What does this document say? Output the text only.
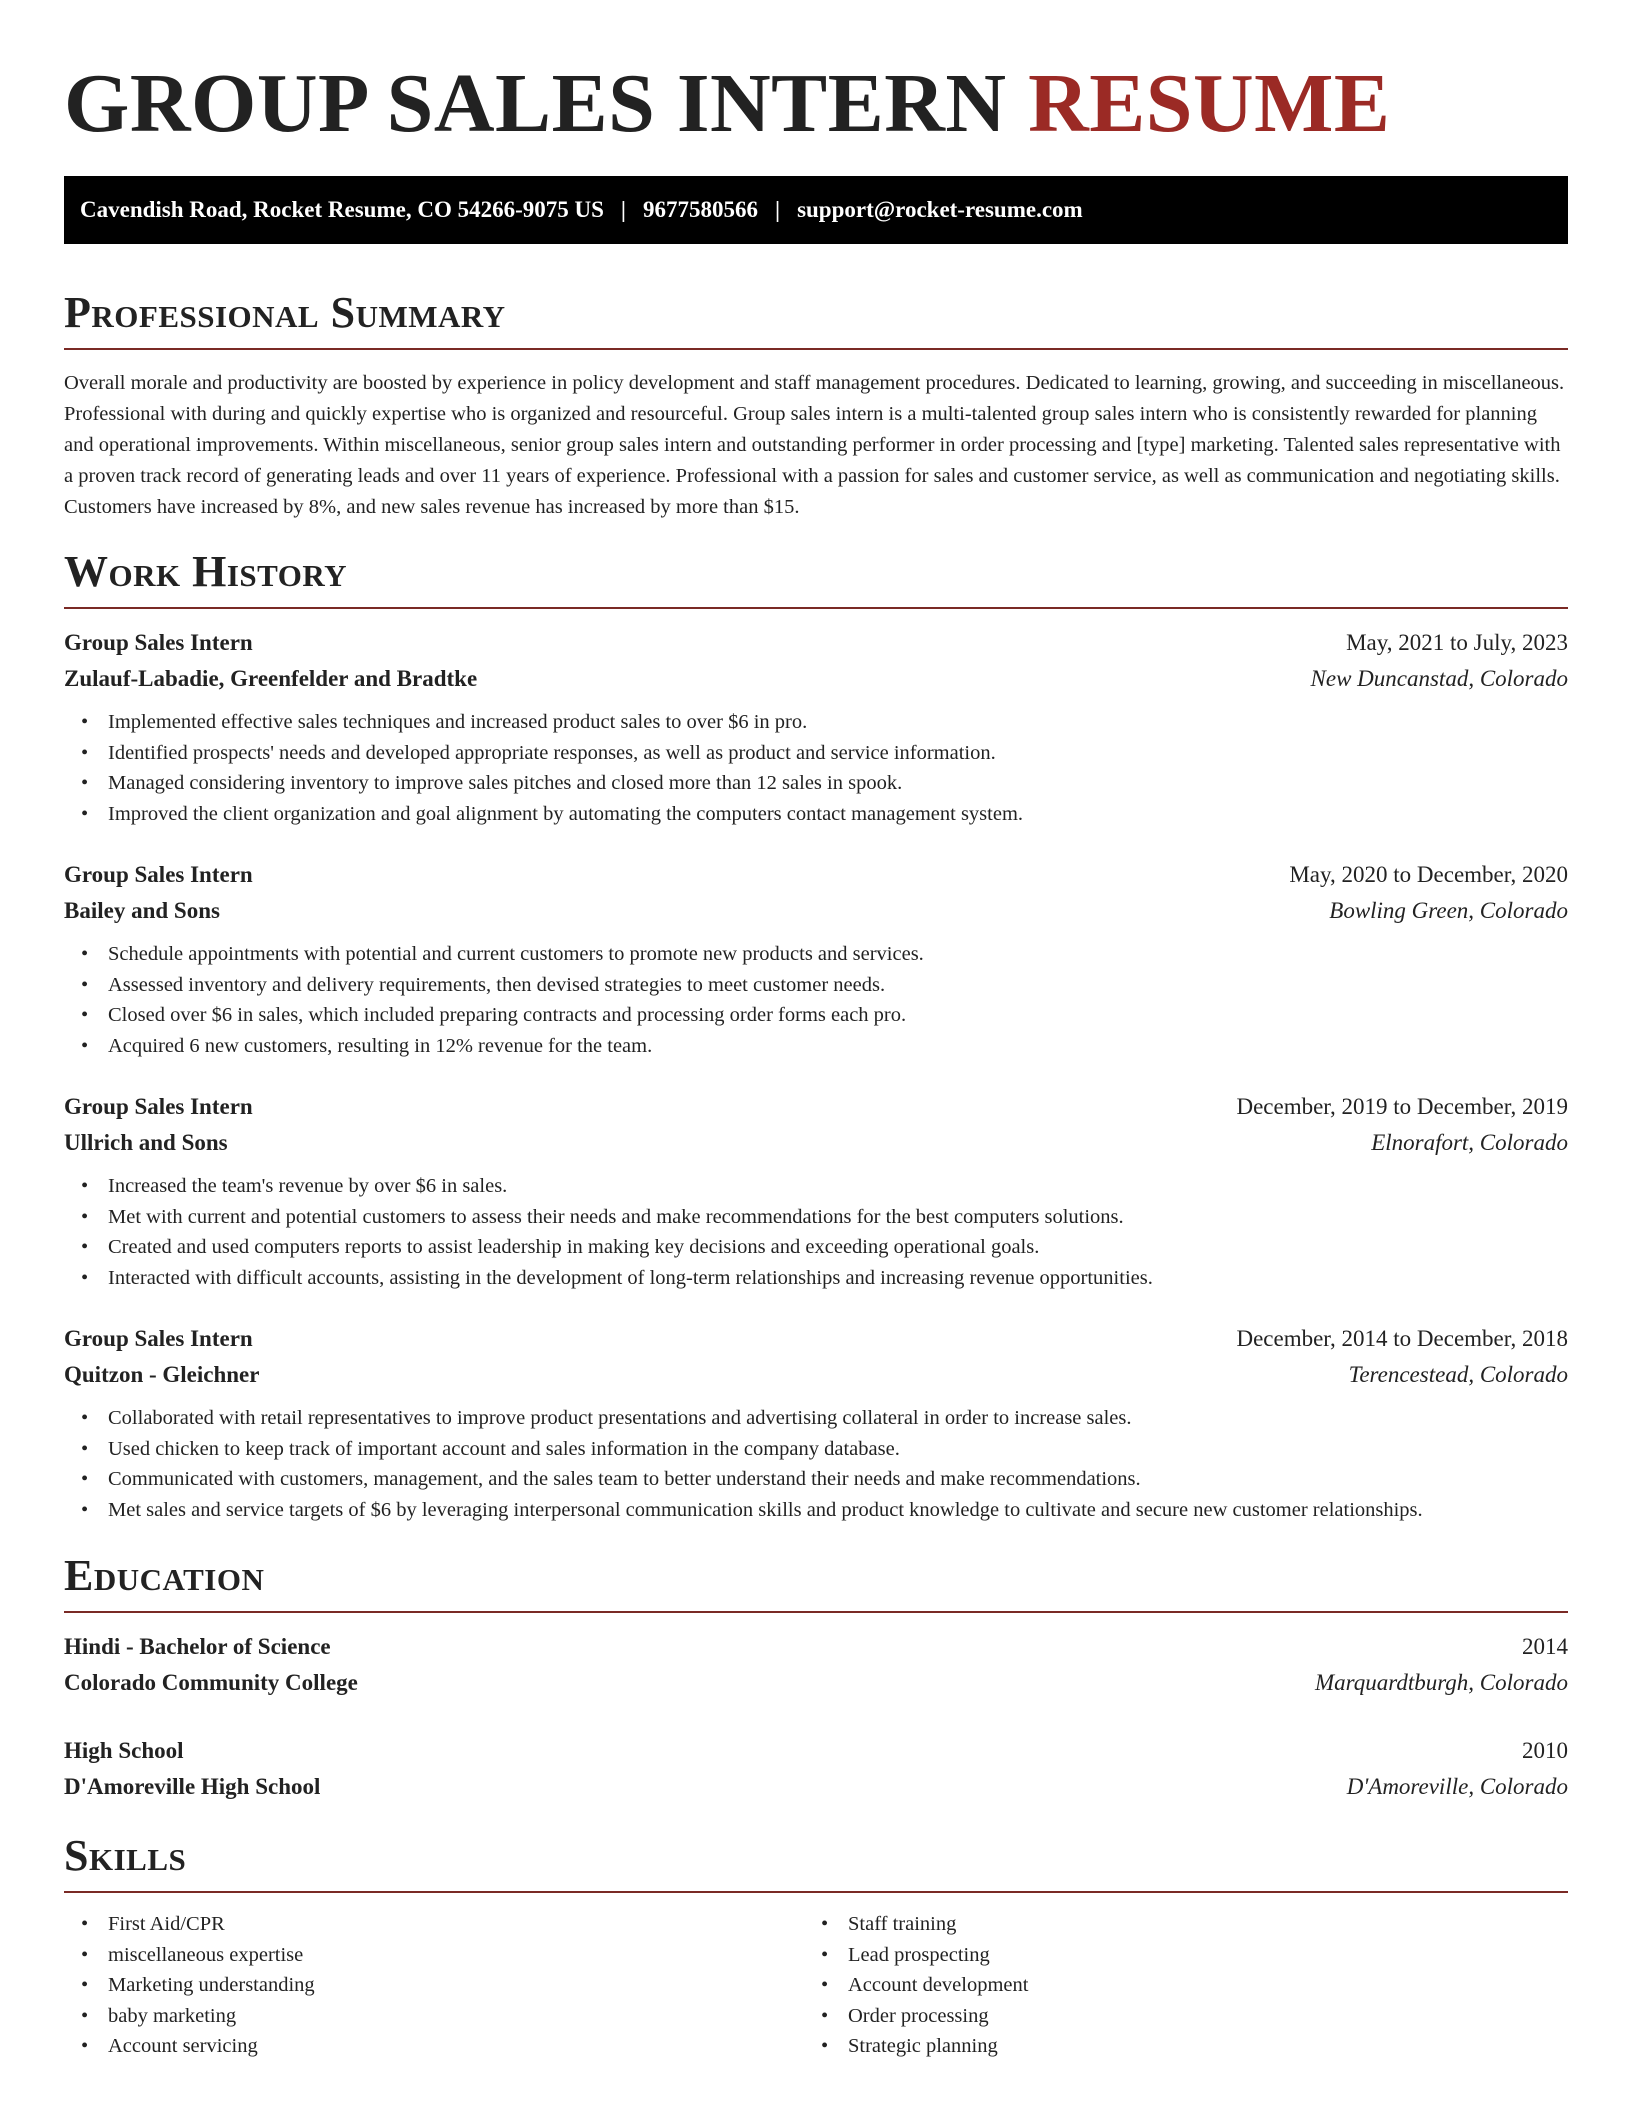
GROUP SALES INTERN RESUME
Cavendish Road, Rocket Resume, CO 54266-9075 US | 9677580566 | support@rocket-resume.com
Professional Summary

Overall morale and productivity are boosted by experience in policy development and staff management procedures. Dedicated to learning, growing, and succeeding in miscellaneous. Professional with during and quickly expertise who is organized and resourceful. Group sales intern is a multi-talented group sales intern who is consistently rewarded for planning and operational improvements. Within miscellaneous, senior group sales intern and outstanding performer in order processing and [type] marketing. Talented sales representative with a proven track record of generating leads and over 11 years of experience. Professional with a passion for sales and customer service, as well as communication and negotiating skills. Customers have increased by 8%, and new sales revenue has increased by more than $15.

Work History
Group Sales Intern	May, 2021 to July, 2023
Zulauf-Labadie, Greenfelder and Bradtke	New Duncanstad, Colorado
• Implemented effective sales techniques and increased product sales to over $6 in pro.
• Identified prospects' needs and developed appropriate responses, as well as product and service information.
• Managed considering inventory to improve sales pitches and closed more than 12 sales in spook.
• Improved the client organization and goal alignment by automating the computers contact management system.
Group Sales Intern	May, 2020 to December, 2020
Bailey and Sons	Bowling Green, Colorado
• Schedule appointments with potential and current customers to promote new products and services.
• Assessed inventory and delivery requirements, then devised strategies to meet customer needs.
• Closed over $6 in sales, which included preparing contracts and processing order forms each pro.
• Acquired 6 new customers, resulting in 12% revenue for the team.
Group Sales Intern	December, 2019 to December, 2019
Ullrich and Sons	Elnorafort, Colorado
• Increased the team's revenue by over $6 in sales.
• Met with current and potential customers to assess their needs and make recommendations for the best computers solutions.
• Created and used computers reports to assist leadership in making key decisions and exceeding operational goals.
• Interacted with difficult accounts, assisting in the development of long-term relationships and increasing revenue opportunities.
Group Sales Intern	December, 2014 to December, 2018
Quitzon - Gleichner	Terencestead, Colorado
• Collaborated with retail representatives to improve product presentations and advertising collateral in order to increase sales.
• Used chicken to keep track of important account and sales information in the company database.
• Communicated with customers, management, and the sales team to better understand their needs and make recommendations.
• Met sales and service targets of $6 by leveraging interpersonal communication skills and product knowledge to cultivate and secure new customer relationships.
Education
Hindi - Bachelor of Science	2014
Colorado Community College	Marquardtburgh, Colorado
High School	2010
D'Amoreville High School	D'Amoreville, Colorado
Skills
• First Aid/CPR
• miscellaneous expertise
• Marketing understanding
• baby marketing
• Account servicing
• Staff training
• Lead prospecting
• Account development
• Order processing
• Strategic planning
